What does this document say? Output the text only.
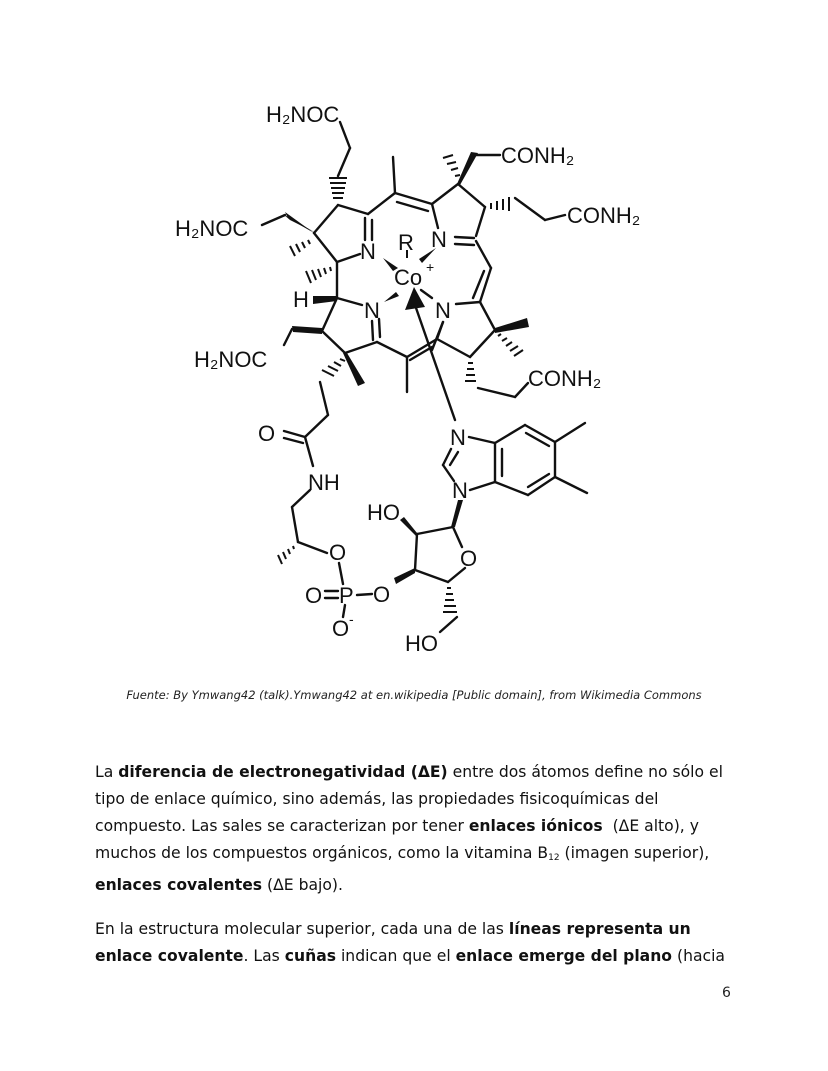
H₂NOC
H₂NOC
H₂NOC
CONH₂
CONH₂
CONH₂
R
Co +
N	N
N	N
H
O
NH
N
N
HO
O
O
O
P
O
O -
HO
Fuente: By Ymwang42 (talk).Ymwang42 at en.wikipedia [Public domain], from Wikimedia Commons

La diferencia de electronegatividad (ΔE) entre dos átomos define no sólo el tipo de enlace químico, sino además, las propiedades fisicoquímicas del compuesto. Las sales se caracterizan por tener enlaces iónicos  (ΔE alto), y muchos de los compuestos orgánicos, como la vitamina $B_{12}$ (imagen superior), enlaces covalentes (ΔE bajo).

En la estructura molecular superior, cada una de las líneas representa un enlace covalente. Las cuñas indican que el enlace emerge del plano (hacia

6
